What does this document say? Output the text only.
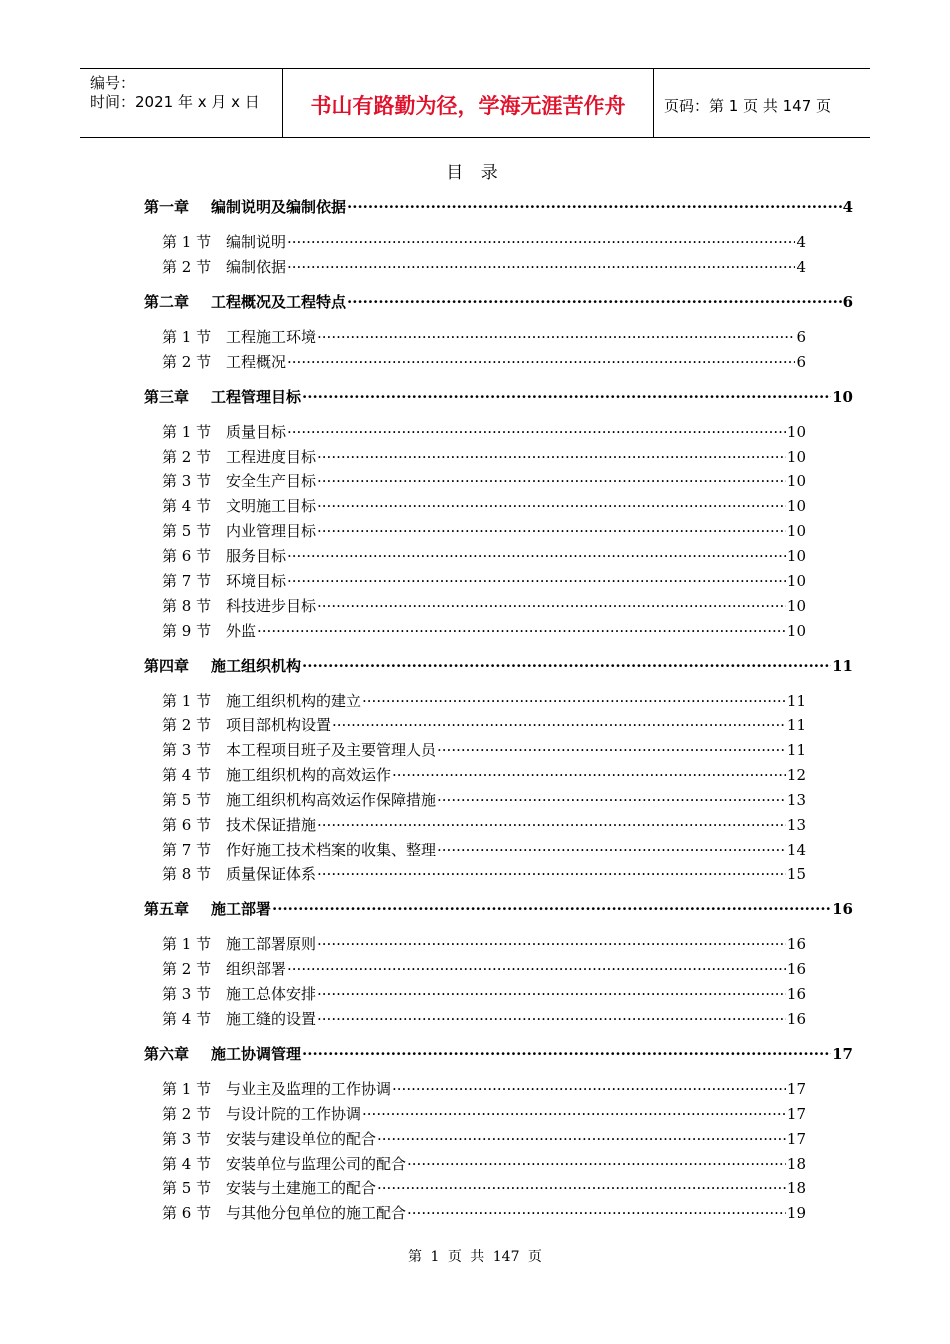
编号：
时间：2021 年 x 月 x 日 书山有路勤为径，学海无涯苦作舟	页码：第 1 页 共 147 页
目 录
第一章	编制说明及编制依据 ·····	4
第 1 节 编制说明 ·····	4
第 2 节 编制依据 ·····	4
第二章	工程概况及工程特点 ·····	6
第 1 节 工程施工环境 ·····	6
第 2 节 工程概况 ·····	6
第三章	工程管理目标 ·····	10
第 1 节 质量目标 ·····	10
第 2 节 工程进度目标 ·····	10
第 3 节 安全生产目标 ·····	10
第 4 节 文明施工目标 ·····	10
第 5 节 内业管理目标 ·····	10
第 6 节 服务目标 ·····	10
第 7 节 环境目标 ·····	10
第 8 节 科技进步目标 ·····	10
第 9 节 外监 ·····	10
第四章	施工组织机构 ·····	11
第 1 节 施工组织机构的建立 ·····	11
第 2 节 项目部机构设置 ·····	11
第 3 节 本工程项目班子及主要管理人员 ·····	11
第 4 节 施工组织机构的高效运作 ·····	12
第 5 节 施工组织机构高效运作保障措施 ·····	13
第 6 节 技术保证措施 ·····	13
第 7 节 作好施工技术档案的收集、整理 ·····	14
第 8 节 质量保证体系 ·····	15
第五章	施工部署 ·····	16
第 1 节 施工部署原则 ·····	16
第 2 节 组织部署 ·····	16
第 3 节 施工总体安排 ·····	16
第 4 节 施工缝的设置 ·····	16
第六章	施工协调管理 ·····	17
第 1 节 与业主及监理的工作协调 ·····	17
第 2 节 与设计院的工作协调 ·····	17
第 3 节 安装与建设单位的配合 ·····	17
第 4 节 安装单位与监理公司的配合 ·····	18
第 5 节 安装与土建施工的配合 ·····	18
第 6 节 与其他分包单位的施工配合 ·····	19
第 1 页 共 147 页
